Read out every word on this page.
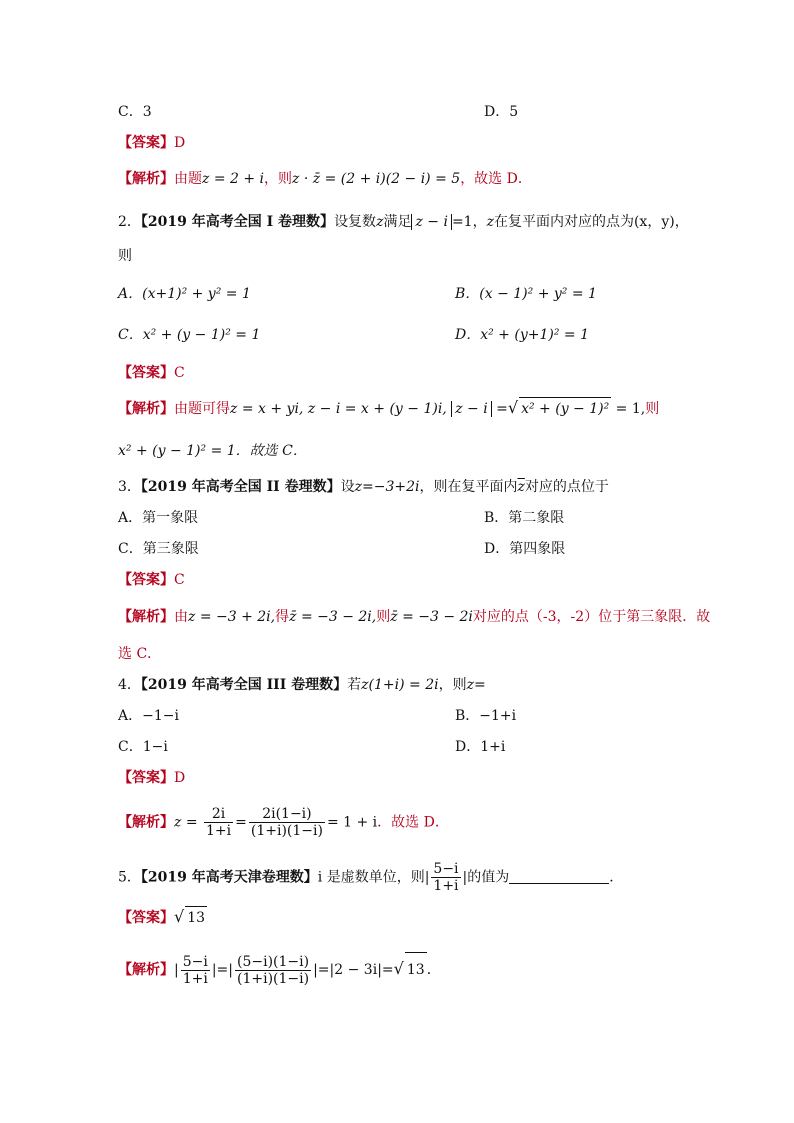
C．3	D．5
【答案】D
【解析】由题z = 2 + i，则z · z̄ = (2 + i)(2 − i) = 5，故选 D．
2．【2019 年高考全国 I 卷理数】设复数z满足 z − i =1，z在复平面内对应的点为(x，y)，
则
A．(x+1)² + y² = 1	B．(x − 1)² + y² = 1
C．x² + (y − 1)² = 1	D．x² + (y+1)² = 1
【答案】C
【解析】由题可得z = x + yi, z − i = x + (y − 1)i, z − i =√ x² + (y − 1)² = 1,则
x² + (y − 1)² = 1．故选 C．
3．【2019 年高考全国 II 卷理数】设z=−3+2i，则在复平面内$\overline{z}$对应的点位于
A．第一象限	B．第二象限
C．第三象限	D．第四象限
【答案】C
【解析】由z = −3 + 2i,得z̄ = −3 − 2i,则z̄ = −3 − 2i对应的点（-3，-2）位于第三象限．故
选 C．
4．【2019 年高考全国 III 卷理数】若z(1+i) = 2i，则z=
A．−1−i	B．−1+i
C．1−i	D．1+i
【答案】D
【解析】$z = \frac{2i}{1+i} = \frac{2i(1-i)}{(1+i)(1-i)} = 1 + i$．故选 D．
5．【2019 年高考天津卷理数】i 是虚数单位，则| $\frac{5-i}{1+i}$ |的值为	．
【答案】√ 13
【解析】| $\frac{5-i}{1+i}$ |=| $\frac{(5-i)(1-i)}{(1+i)(1-i)} |=|2 - 3i|=√$ 13 ．
